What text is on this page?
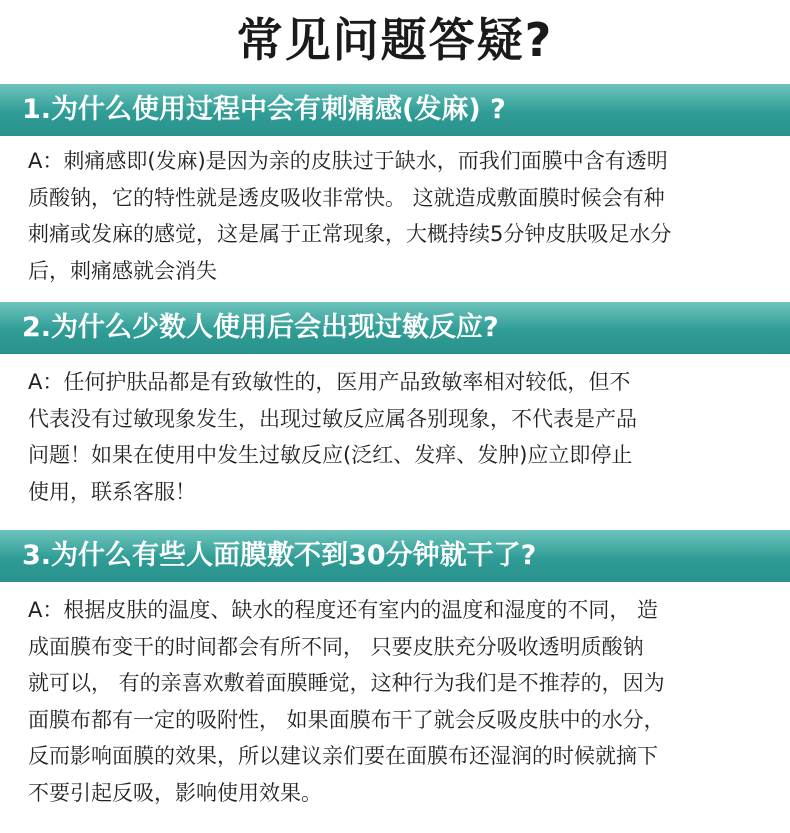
常见问题答疑?
1.为什么使用过程中会有刺痛感(发麻) ?
A：刺痛感即(发麻)是因为亲的皮肤过于缺水，而我们面膜中含有透明
质酸钠，它的特性就是透皮吸收非常快。 这就造成敷面膜时候会有种
刺痛或发麻的感觉，这是属于正常现象，大概持续5分钟皮肤吸足水分
后，刺痛感就会消失
2.为什么少数人使用后会出现过敏反应?
A：任何护肤品都是有致敏性的，医用产品致敏率相对较低，但不
代表没有过敏现象发生，出现过敏反应属各别现象，不代表是产品
问题！如果在使用中发生过敏反应(泛红、发痒、发肿)应立即停止
使用，联系客服！
3.为什么有些人面膜敷不到30分钟就干了?
A：根据皮肤的温度、缺水的程度还有室内的温度和湿度的不同， 造
成面膜布变干的时间都会有所不同， 只要皮肤充分吸收透明质酸钠
就可以， 有的亲喜欢敷着面膜睡觉，这种行为我们是不推荐的，因为
面膜布都有一定的吸附性， 如果面膜布干了就会反吸皮肤中的水分，
反而影响面膜的效果，所以建议亲们要在面膜布还湿润的时候就摘下
不要引起反吸，影响使用效果。
